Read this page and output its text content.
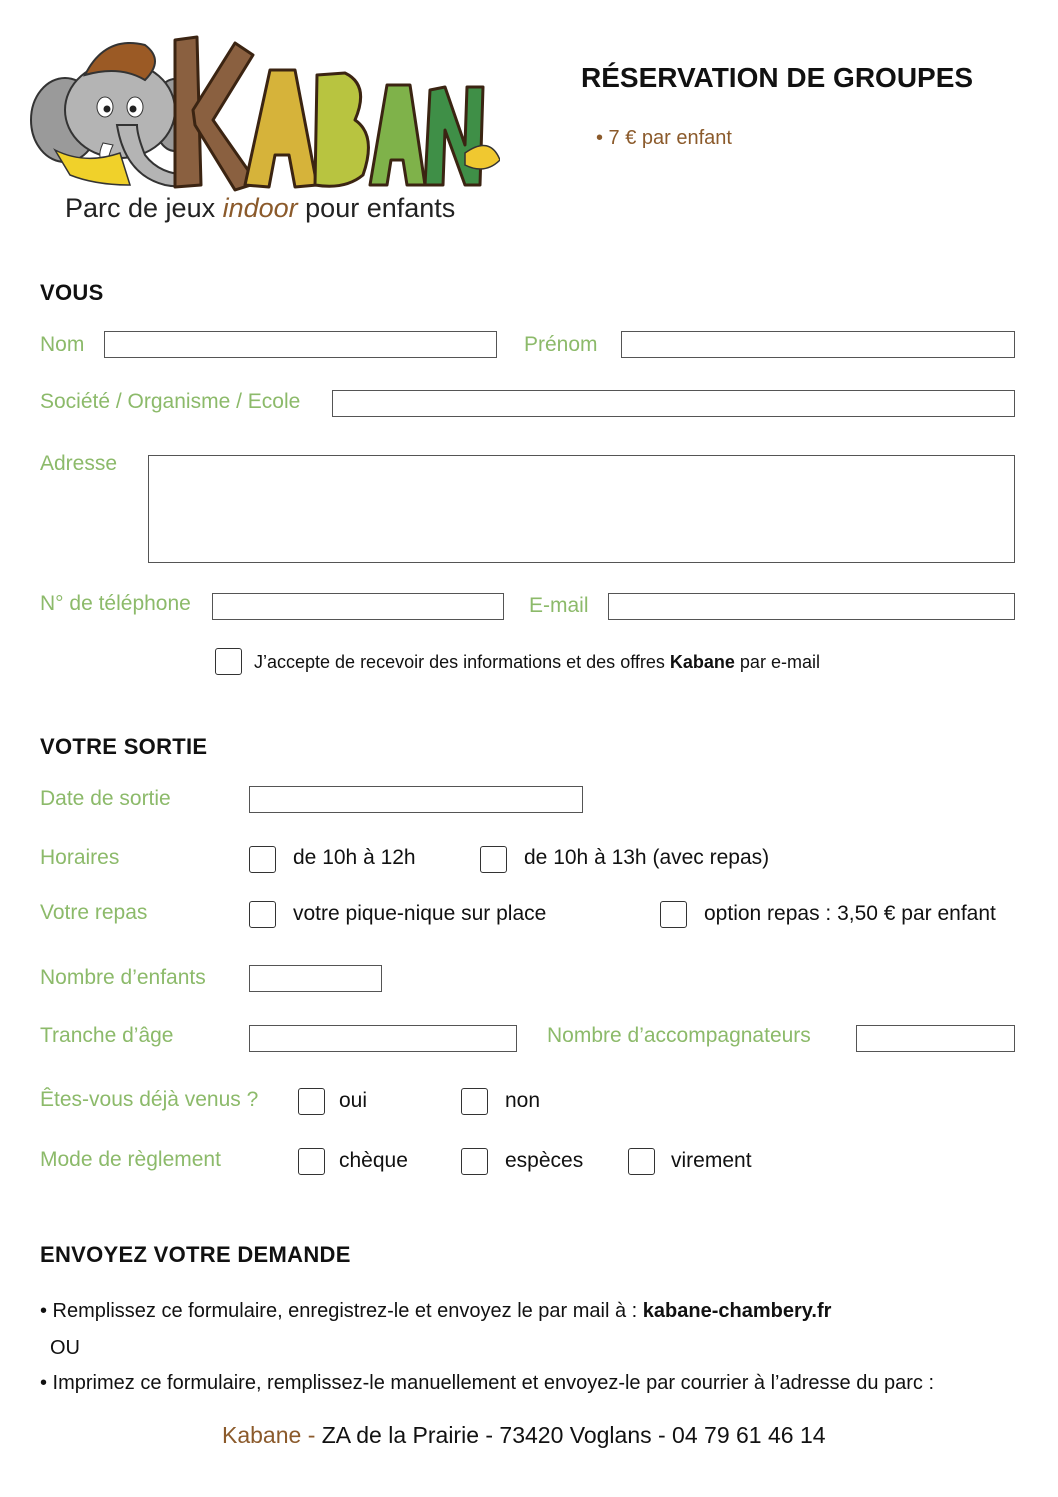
Parc de jeux indoor pour enfants
RÉSERVATION DE GROUPES
• 7 € par enfant
VOUS
Nom	Prénom
Société / Organisme / Ecole
Adresse
N° de téléphone	E-mail
J’accepte de recevoir des informations et des offres Kabane par e-mail
VOTRE SORTIE
Date de sortie
Horaires	de 10h à 12h	de 10h à 13h (avec repas)
Votre repas	votre pique-nique sur place	option repas : 3,50 € par enfant
Nombre d’enfants
Tranche d’âge	Nombre d’accompagnateurs
Êtes-vous déjà venus ?	oui	non
Mode de règlement	chèque	espèces	virement
ENVOYEZ VOTRE DEMANDE
• Remplissez ce formulaire, enregistrez-le et envoyez le par mail à : kabane-chambery.fr
OU
• Imprimez ce formulaire, remplissez-le manuellement et envoyez-le par courrier à l’adresse du parc :
Kabane - ZA de la Prairie - 73420 Voglans - 04 79 61 46 14
